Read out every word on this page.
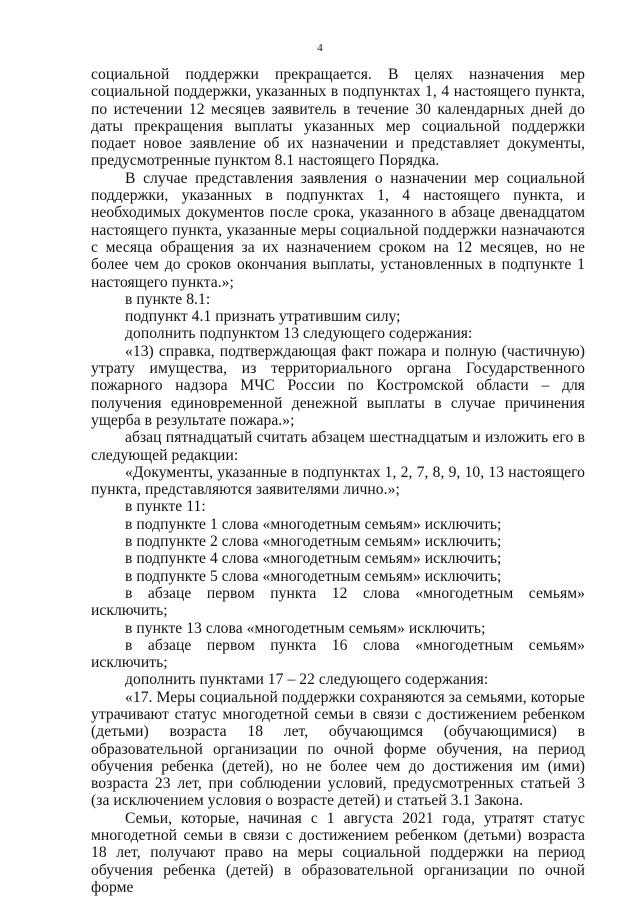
4

социальной поддержки прекращается. В целях назначения мер социальной поддержки, указанных в подпунктах 1, 4 настоящего пункта, по истечении 12 месяцев заявитель в течение 30 календарных дней до даты прекращения выплаты указанных мер социальной поддержки подает новое заявление об их назначении и представляет документы, предусмотренные пунктом 8.1 настоящего Порядка.

В случае представления заявления о назначении мер социальной поддержки, указанных в подпунктах 1, 4 настоящего пункта, и необходимых документов после срока, указанного в абзаце двенадцатом настоящего пункта, указанные меры социальной поддержки назначаются с месяца обращения за их назначением сроком на 12 месяцев, но не более чем до сроков окончания выплаты, установленных в подпункте 1 настоящего пункта.»;

в пункте 8.1:

подпункт 4.1 признать утратившим силу;

дополнить подпунктом 13 следующего содержания:

«13) справка, подтверждающая факт пожара и полную (частичную) утрату имущества, из территориального органа Государственного пожарного надзора МЧС России по Костромской области – для получения единовременной денежной выплаты в случае причинения ущерба в результате пожара.»;

абзац пятнадцатый считать абзацем шестнадцатым и изложить его в следующей редакции:

«Документы, указанные в подпунктах 1, 2, 7, 8, 9, 10, 13 настоящего пункта, представляются заявителями лично.»;

в пункте 11:

в подпункте 1 слова «многодетным семьям» исключить;

в подпункте 2 слова «многодетным семьям» исключить;

в подпункте 4 слова «многодетным семьям» исключить;

в подпункте 5 слова «многодетным семьям» исключить;

в абзаце первом пункта 12 слова «многодетным семьям» исключить;

в пункте 13 слова «многодетным семьям» исключить;

в абзаце первом пункта 16 слова «многодетным семьям» исключить;

дополнить пунктами 17 – 22 следующего содержания:

«17. Меры социальной поддержки сохраняются за семьями, которые утрачивают статус многодетной семьи в связи с достижением ребенком (детьми) возраста 18 лет, обучающимся (обучающимися) в образовательной организации по очной форме обучения, на период обучения ребенка (детей), но не более чем до достижения им (ими) возраста 23 лет, при соблюдении условий, предусмотренных статьей 3 (за исключением условия о возрасте детей) и статьей 3.1 Закона.

Семьи, которые, начиная с 1 августа 2021 года, утратят статус многодетной семьи в связи с достижением ребенком (детьми) возраста 18 лет, получают право на меры социальной поддержки на период обучения ребенка (детей) в образовательной организации по очной форме
